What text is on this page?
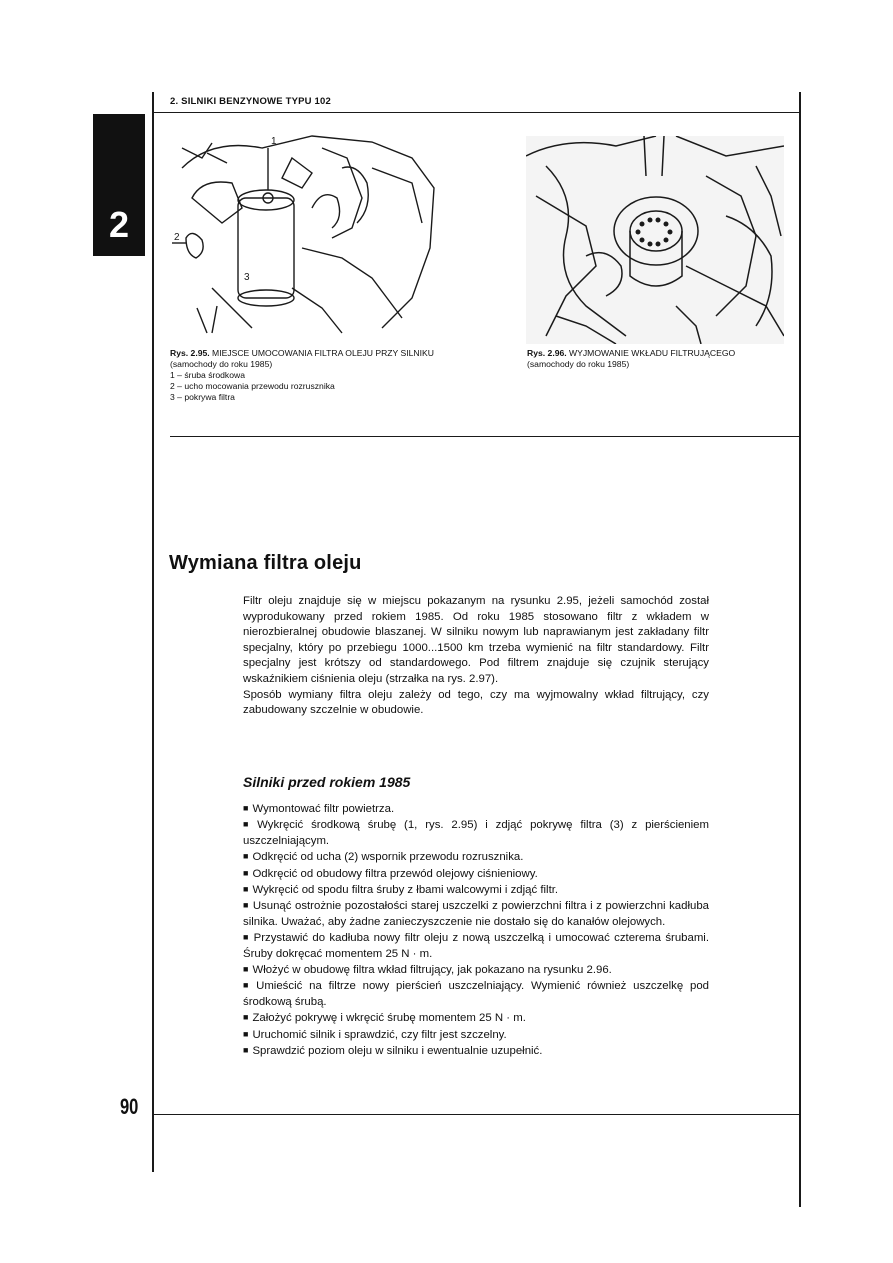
2. SILNIKI BENZYNOWE TYPU 102
2
1
2
3
Rys. 2.95. MIEJSCE UMOCOWANIA FILTRA OLEJU PRZY SILNIKU
(samochody do roku 1985)
1 – śruba środkowa
2 – ucho mocowania przewodu rozrusznika
3 – pokrywa filtra
Rys. 2.96. WYJMOWANIE WKŁADU FILTRUJĄCEGO
(samochody do roku 1985)
Wymiana filtra oleju

Filtr oleju znajduje się w miejscu pokazanym na rysunku 2.95, jeżeli samochód został wyprodukowany przed rokiem 1985. Od roku 1985 stosowano filtr z wkładem w nierozbieralnej obudowie blaszanej. W silniku nowym lub naprawianym jest zakładany filtr specjalny, który po przebiegu 1000...1500 km trzeba wymienić na filtr standardowy. Filtr specjalny jest krótszy od standardowego. Pod filtrem znajduje się czujnik sterujący wskaźnikiem ciśnienia oleju (strzałka na rys. 2.97).

Sposób wymiany filtra oleju zależy od tego, czy ma wyjmowalny wkład filtrujący, czy zabudowany szczelnie w obudowie.

Silniki przed rokiem 1985
■ Wymontować filtr powietrza.
■ Wykręcić środkową śrubę (1, rys. 2.95) i zdjąć pokrywę filtra (3) z pierścieniem uszczelniającym.
■ Odkręcić od ucha (2) wspornik przewodu rozrusznika.
■ Odkręcić od obudowy filtra przewód olejowy ciśnieniowy.
■ Wykręcić od spodu filtra śruby z łbami walcowymi i zdjąć filtr.
■ Usunąć ostrożnie pozostałości starej uszczelki z powierzchni filtra i z powierzchni kadłuba silnika. Uważać, aby żadne zanieczyszczenie nie dostało się do kanałów olejowych.
■ Przystawić do kadłuba nowy filtr oleju z nową uszczelką i umocować czterema śrubami. Śruby dokręcać momentem 25 N · m.
■ Włożyć w obudowę filtra wkład filtrujący, jak pokazano na rysunku 2.96.
■ Umieścić na filtrze nowy pierścień uszczelniający. Wymienić również uszczelkę pod środkową śrubą.
■ Założyć pokrywę i wkręcić śrubę momentem 25 N · m.
■ Uruchomić silnik i sprawdzić, czy filtr jest szczelny.
■ Sprawdzić poziom oleju w silniku i ewentualnie uzupełnić.
90
